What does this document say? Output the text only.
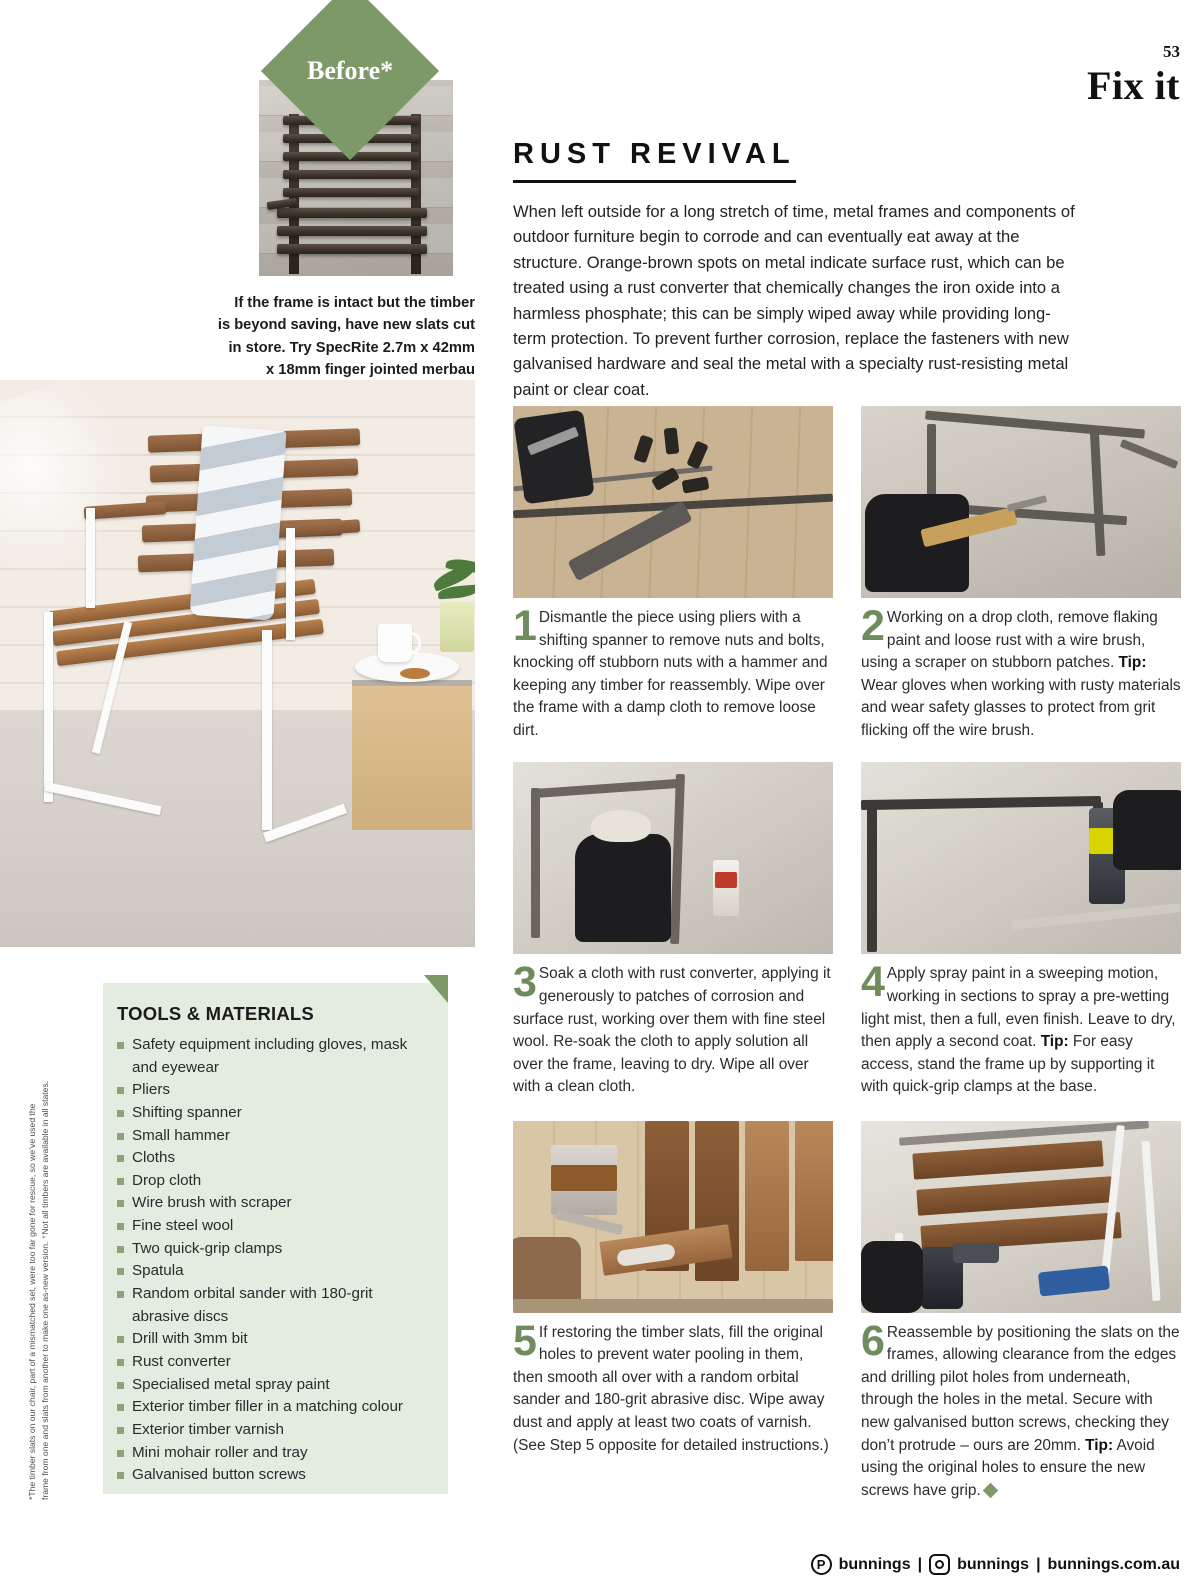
53
Fix it
Before*
If the frame is intact but the timber
is beyond saving, have new slats cut
in store. Try SpecRite 2.7m x 42mm
x 18mm finger jointed merbau
TOOLS & MATERIALS
Safety equipment including gloves, mask and eyewear
Pliers
Shifting spanner
Small hammer
Cloths
Drop cloth
Wire brush with scraper
Fine steel wool
Two quick-grip clamps
Spatula
Random orbital sander with 180-grit abrasive discs
Drill with 3mm bit
Rust converter
Specialised metal spray paint
Exterior timber filler in a matching colour
Exterior timber varnish
Mini mohair roller and tray
Galvanised button screws
*The timber slats on our chair, part of a mismatched set, were too far gone for rescue, so we’ve used the frame from one and slats from another to make one as-new version. ⁺Not all timbers are available in all states.
RUST REVIVAL

When left outside for a long stretch of time, metal frames and components of outdoor furniture begin to corrode and can eventually eat away at the structure. Orange-brown spots on metal indicate surface rust, which can be treated using a rust converter that chemically changes the iron oxide into a harmless phosphate; this can be simply wiped away while providing long-term protection. To prevent further corrosion, replace the fasteners with new galvanised hardware and seal the metal with a specialty rust-resisting metal paint or clear coat.

1 Dismantle the piece using pliers with a shifting spanner to remove nuts and bolts, knocking off stubborn nuts with a hammer and keeping any timber for reassembly. Wipe over the frame with a damp cloth to remove loose dirt.
2 Working on a drop cloth, remove flaking paint and loose rust with a wire brush, using a scraper on stubborn patches. Tip: Wear gloves when working with rusty materials and wear safety glasses to protect from grit flicking off the wire brush.
3 Soak a cloth with rust converter, applying it generously to patches of corrosion and surface rust, working over them with fine steel wool. Re-soak the cloth to apply solution all over the frame, leaving to dry. Wipe all over with a clean cloth.
4 Apply spray paint in a sweeping motion, working in sections to spray a pre-wetting light mist, then a full, even finish. Leave to dry, then apply a second coat. Tip: For easy access, stand the frame up by supporting it with quick-grip clamps at the base.
5 If restoring the timber slats, fill the original holes to prevent water pooling in them, then smooth all over with a random orbital sander and 180-grit abrasive disc. Wipe away dust and apply at least two coats of varnish. (See Step 5 opposite for detailed instructions.)
6 Reassemble by positioning the slats on the frames, allowing clearance from the edges and drilling pilot holes from underneath, through the holes in the metal. Secure with new galvanised button screws, checking they don’t protrude – ours are 20mm. Tip: Avoid using the original holes to ensure the new screws have grip.
P bunnings | bunnings | bunnings.com.au
